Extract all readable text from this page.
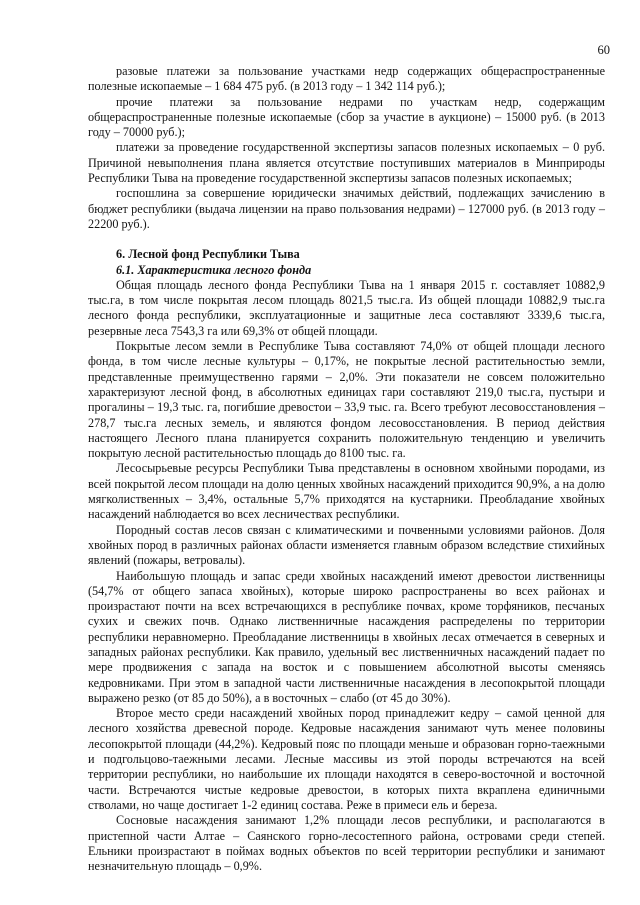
60

разовые платежи за пользование участками недр содержащих общераспространенные полезные ископаемые – 1 684 475 руб. (в 2013 году – 1 342 114 руб.);

прочие платежи за пользование недрами по участкам недр, содержащим общераспространенные полезные ископаемые (сбор за участие в аукционе) – 15000 руб. (в 2013 году – 70000 руб.);

платежи за проведение государственной экспертизы запасов полезных ископаемых – 0 руб. Причиной невыполнения плана является отсутствие поступивших материалов в Минприроды Республики Тыва на проведение государственной экспертизы запасов полезных ископаемых;

госпошлина за совершение юридически значимых действий, подлежащих зачислению в бюджет республики (выдача лицензии на право пользования недрами) – 127000 руб. (в 2013 году – 22200 руб.).

6. Лесной фонд Республики Тыва
6.1. Характеристика лесного фонда

Общая площадь лесного фонда Республики Тыва на 1 января 2015 г. составляет 10882,9 тыс.га, в том числе покрытая лесом площадь 8021,5 тыс.га. Из общей площади 10882,9 тыс.га лесного фонда республики, эксплуатационные и защитные леса составляют 3339,6 тыс.га, резервные леса 7543,3 га или 69,3% от общей площади.

Покрытые лесом земли в Республике Тыва составляют 74,0% от общей площади лесного фонда, в том числе лесные культуры – 0,17%, не покрытые лесной растительностью земли, представленные преимущественно гарями – 2,0%. Эти показатели не совсем положительно характеризуют лесной фонд, в абсолютных единицах гари составляют 219,0 тыс.га, пустыри и прогалины – 19,3 тыс. га, погибшие древостои – 33,9 тыс. га. Всего требуют лесовосстановления – 278,7 тыс.га лесных земель, и являются фондом лесовосстановления. В период действия настоящего Лесного плана планируется сохранить положительную тенденцию и увеличить покрытую лесной растительностью площадь до 8100 тыс. га.

Лесосырьевые ресурсы Республики Тыва представлены в основном хвойными породами, из всей покрытой лесом площади на долю ценных хвойных насаждений приходится 90,9%, а на долю мягколиственных – 3,4%, остальные 5,7% приходятся на кустарники. Преобладание хвойных насаждений наблюдается во всех лесничествах республики.

Породный состав лесов связан с климатическими и почвенными условиями районов. Доля хвойных пород в различных районах области изменяется главным образом вследствие стихийных явлений (пожары, ветровалы).

Наибольшую площадь и запас среди хвойных насаждений имеют древостои лиственницы (54,7% от общего запаса хвойных), которые широко распространены во всех районах и произрастают почти на всех встречающихся в республике почвах, кроме торфяников, песчаных сухих и свежих почв. Однако лиственничные насаждения распределены по территории республики неравномерно. Преобладание лиственницы в хвойных лесах отмечается в северных и западных районах республики. Как правило, удельный вес лиственничных насаждений падает по мере продвижения с запада на восток и с повышением абсолютной высоты сменяясь кедровниками. При этом в западной части лиственничные насаждения в лесопокрытой площади выражено резко (от 85 до 50%), а в восточных – слабо (от 45 до 30%).

Второе место среди насаждений хвойных пород принадлежит кедру – самой ценной для лесного хозяйства древесной породе. Кедровые насаждения занимают чуть менее половины лесопокрытой площади (44,2%). Кедровый пояс по площади меньше и образован горно-таежными и подгольцово-таежными лесами. Лесные массивы из этой породы встречаются на всей территории республики, но наибольшие их площади находятся в северо-восточной и восточной части. Встречаются чистые кедровые древостои, в которых пихта вкраплена единичными стволами, но чаще достигает 1-2 единиц состава. Реже в примеси ель и береза.

Сосновые насаждения занимают 1,2% площади лесов республики, и располагаются в пристепной части Алтае – Саянского горно-лесостепного района, островами среди степей. Ельники произрастают в поймах водных объектов по всей территории республики и занимают незначительную площадь – 0,9%.
